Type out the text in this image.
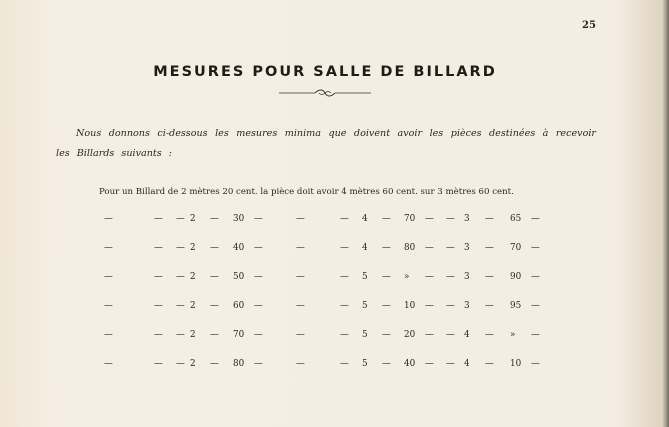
25
MESURES POUR SALLE DE BILLARD
Nous donnons ci-dessous les mesures minima que doivent avoir les pièces destinées à recevoir les Billards suivants :
Pour un Billard de 2 mètres 20 cent. la pièce doit avoir 4 mètres 60 cent. sur 3 mètres 60 cent.
—	— — 2 — 30 —	—	— 4 — 70 — — 3 — 65 —
—	— — 2 — 40 —	—	— 4 — 80 — — 3 — 70 —
—	— — 2 — 50 —	—	— 5 — » — — 3 — 90 —
—	— — 2 — 60 —	—	— 5 — 10 — — 3 — 95 —
—	— — 2 — 70 —	—	— 5 — 20 — — 4 — » —
—	— — 2 — 80 —	—	— 5 — 40 — — 4 — 10 —
